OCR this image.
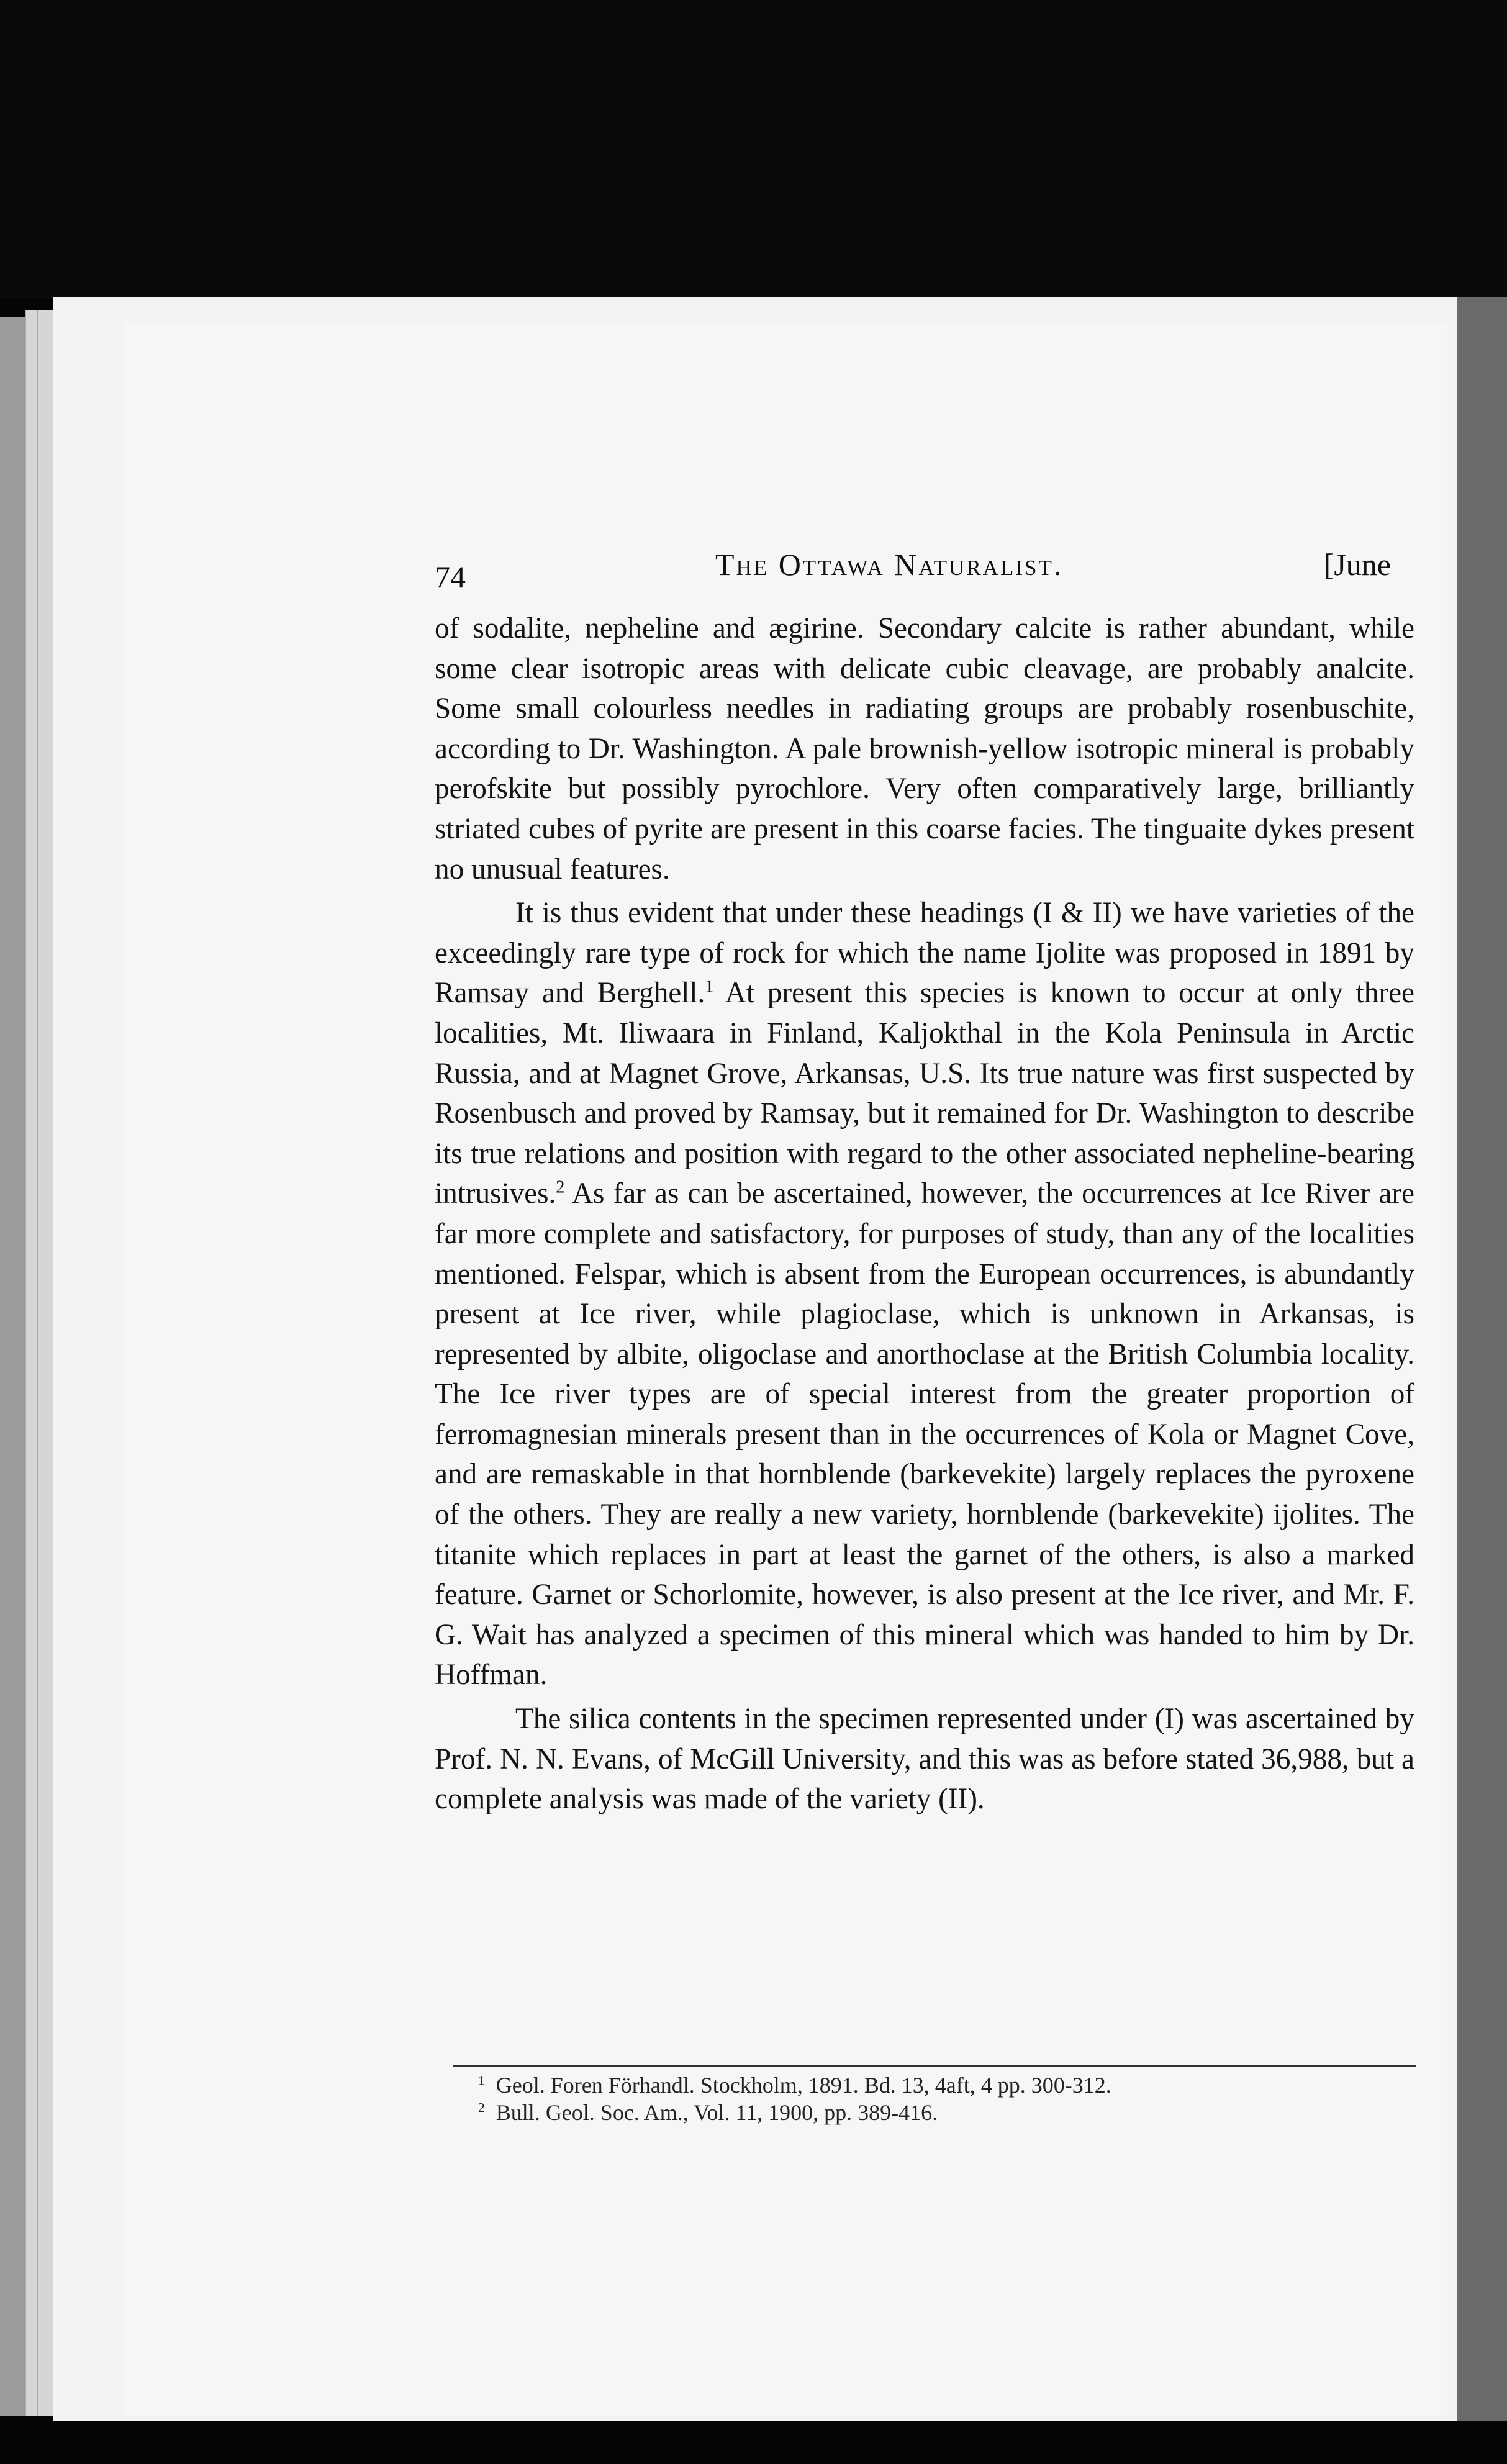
74	The Ottawa Naturalist.	[June

of sodalite, nepheline and ægirine. Secondary calcite is rather abundant, while some clear isotropic areas with delicate cubic cleavage, are probably analcite. Some small colourless needles in radiating groups are probably rosenbuschite, according to Dr. Washington. A pale brownish-yellow isotropic mineral is probably perofskite but possibly pyrochlore. Very often comparatively large, brilliantly striated cubes of pyrite are present in this coarse facies. The tinguaite dykes present no unusual features.

It is thus evident that under these headings (I & II) we have varieties of the exceedingly rare type of rock for which the name Ijolite was proposed in 1891 by Ramsay and Berghell.$^1$ At present this species is known to occur at only three localities, Mt. Iliwaara in Finland, Kaljokthal in the Kola Peninsula in Arctic Russia, and at Magnet Grove, Arkansas, U.S. Its true nature was first suspected by Rosenbusch and proved by Ramsay, but it remained for Dr. Washington to describe its true relations and position with regard to the other associated nepheline-bearing intrusives.$^2$ As far as can be ascertained, however, the occurrences at Ice River are far more complete and satisfactory, for purposes of study, than any of the localities mentioned. Felspar, which is absent from the European occurrences, is abundantly present at Ice river, while plagioclase, which is unknown in Arkansas, is represented by albite, oligoclase and anorthoclase at the British Columbia locality. The Ice river types are of special interest from the greater proportion of ferromagnesian minerals present than in the occurrences of Kola or Magnet Cove, and are remaskable in that hornblende (barkevekite) largely replaces the pyroxene of the others. They are really a new variety, hornblende (barkevekite) ijolites. The titanite which replaces in part at least the garnet of the others, is also a marked feature. Garnet or Schorlomite, however, is also present at the Ice river, and Mr. F. G. Wait has analyzed a specimen of this mineral which was handed to him by Dr. Hoffman.

The silica contents in the specimen represented under (I) was ascertained by Prof. N. N. Evans, of McGill University, and this was as before stated 36,988, but a complete analysis was made of the variety (II).

$^1$ Geol. Foren Förhandl. Stockholm, 1891. Bd. 13, 4aft, 4 pp. 300-312.
$^2$ Bull. Geol. Soc. Am., Vol. 11, 1900, pp. 389-416.
